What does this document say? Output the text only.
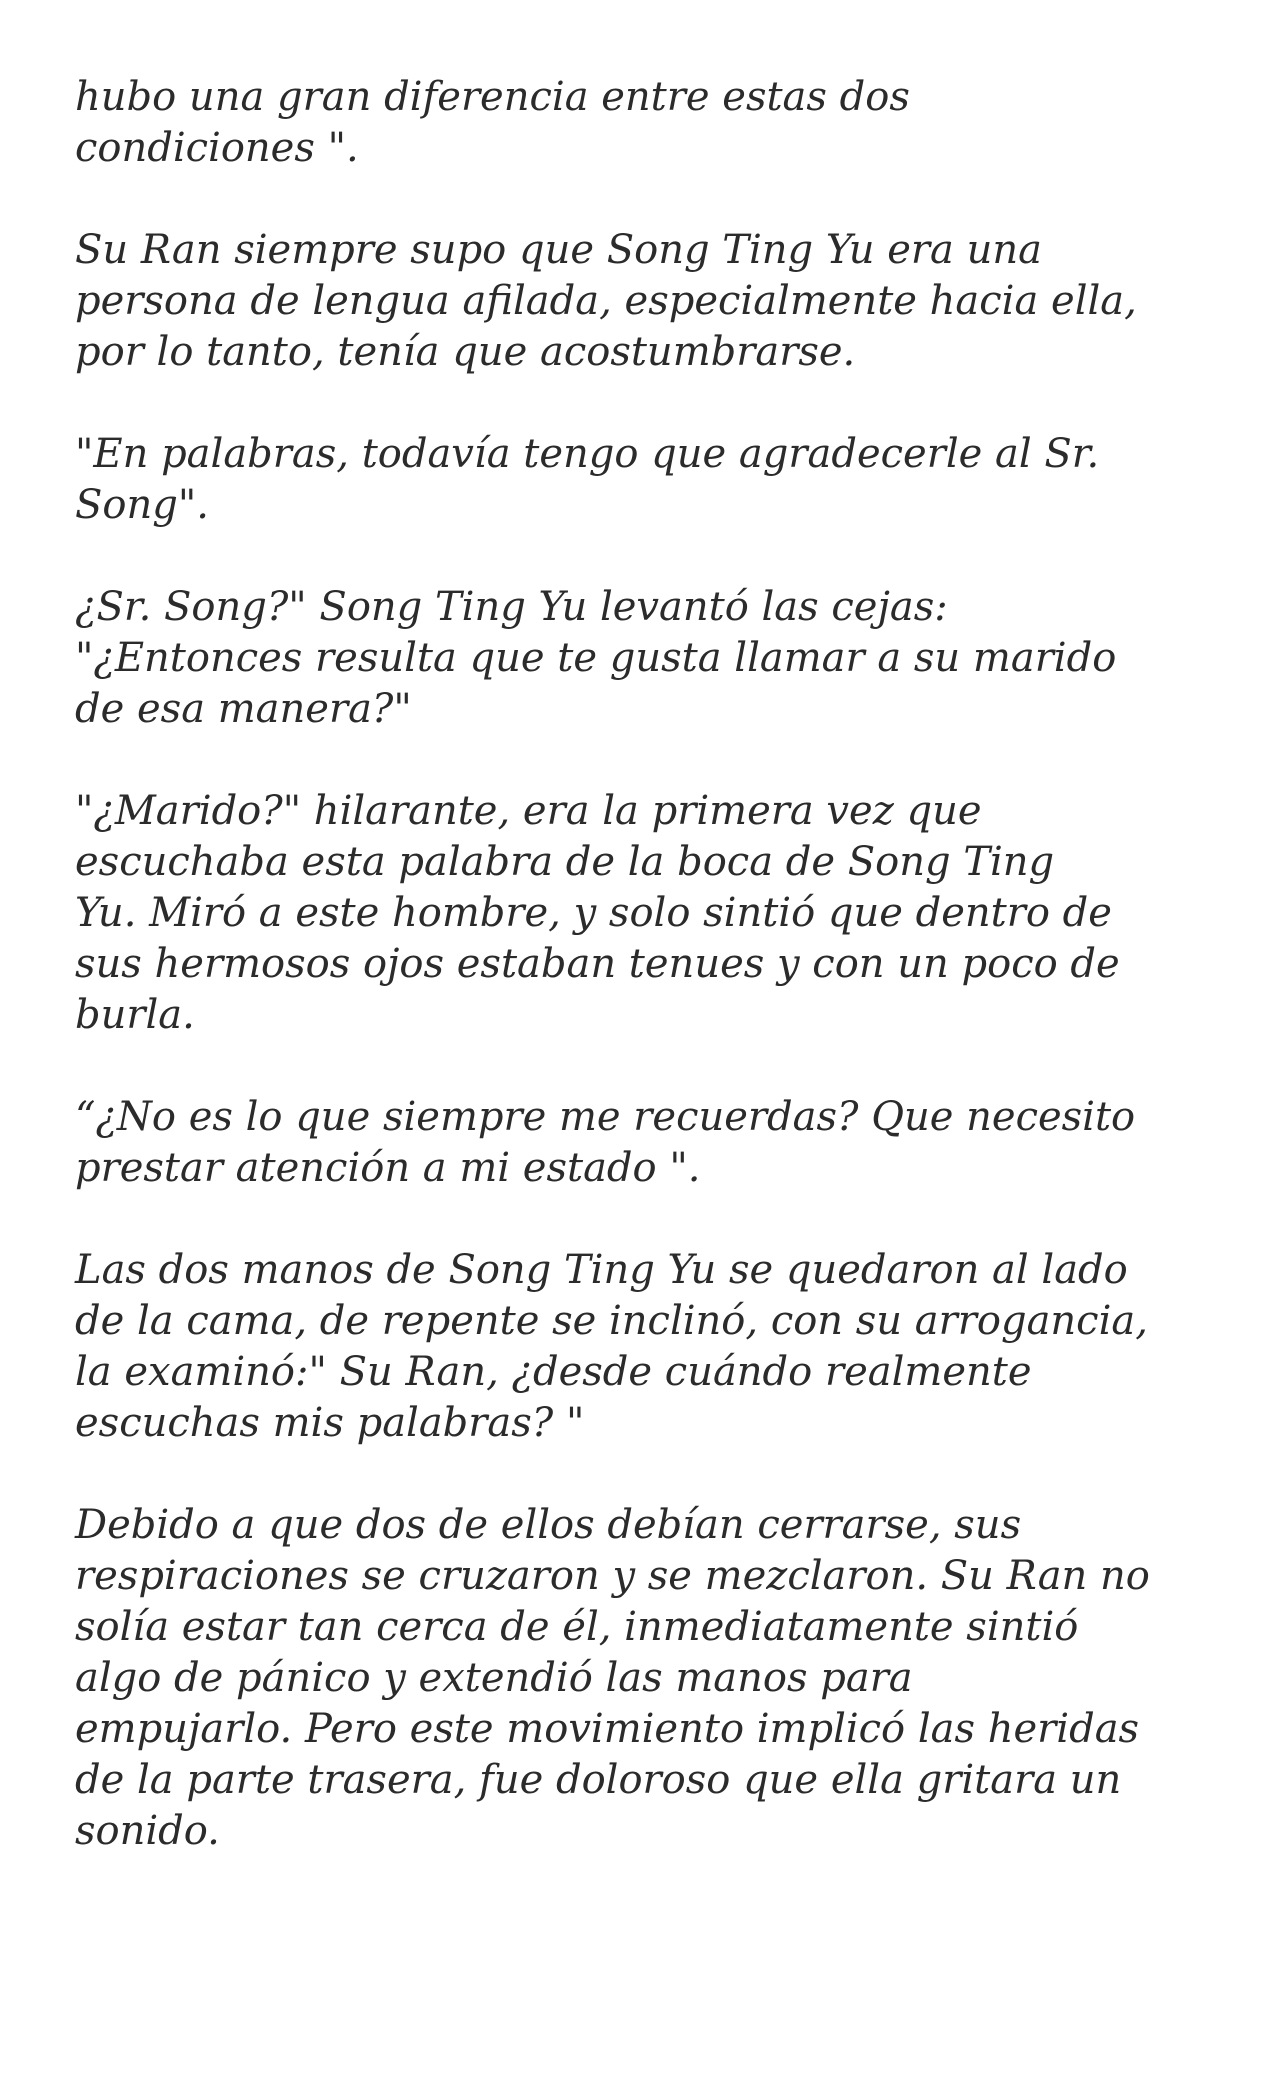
hubo una gran diferencia entre estas dos
condiciones ".

Su Ran siempre supo que Song Ting Yu era una
persona de lengua afilada, especialmente hacia ella,
por lo tanto, tenía que acostumbrarse.

"En palabras, todavía tengo que agradecerle al Sr.
Song".

¿Sr. Song?" Song Ting Yu levantó las cejas:
"¿Entonces resulta que te gusta llamar a su marido
de esa manera?"

"¿Marido?" hilarante, era la primera vez que
escuchaba esta palabra de la boca de Song Ting
Yu. Miró a este hombre, y solo sintió que dentro de
sus hermosos ojos estaban tenues y con un poco de
burla.

“¿No es lo que siempre me recuerdas? Que necesito
prestar atención a mi estado ".

Las dos manos de Song Ting Yu se quedaron al lado
de la cama, de repente se inclinó, con su arrogancia,
la examinó:" Su Ran, ¿desde cuándo realmente
escuchas mis palabras? "

Debido a que dos de ellos debían cerrarse, sus
respiraciones se cruzaron y se mezclaron. Su Ran no
solía estar tan cerca de él, inmediatamente sintió
algo de pánico y extendió las manos para
empujarlo. Pero este movimiento implicó las heridas
de la parte trasera, fue doloroso que ella gritara un
sonido.
